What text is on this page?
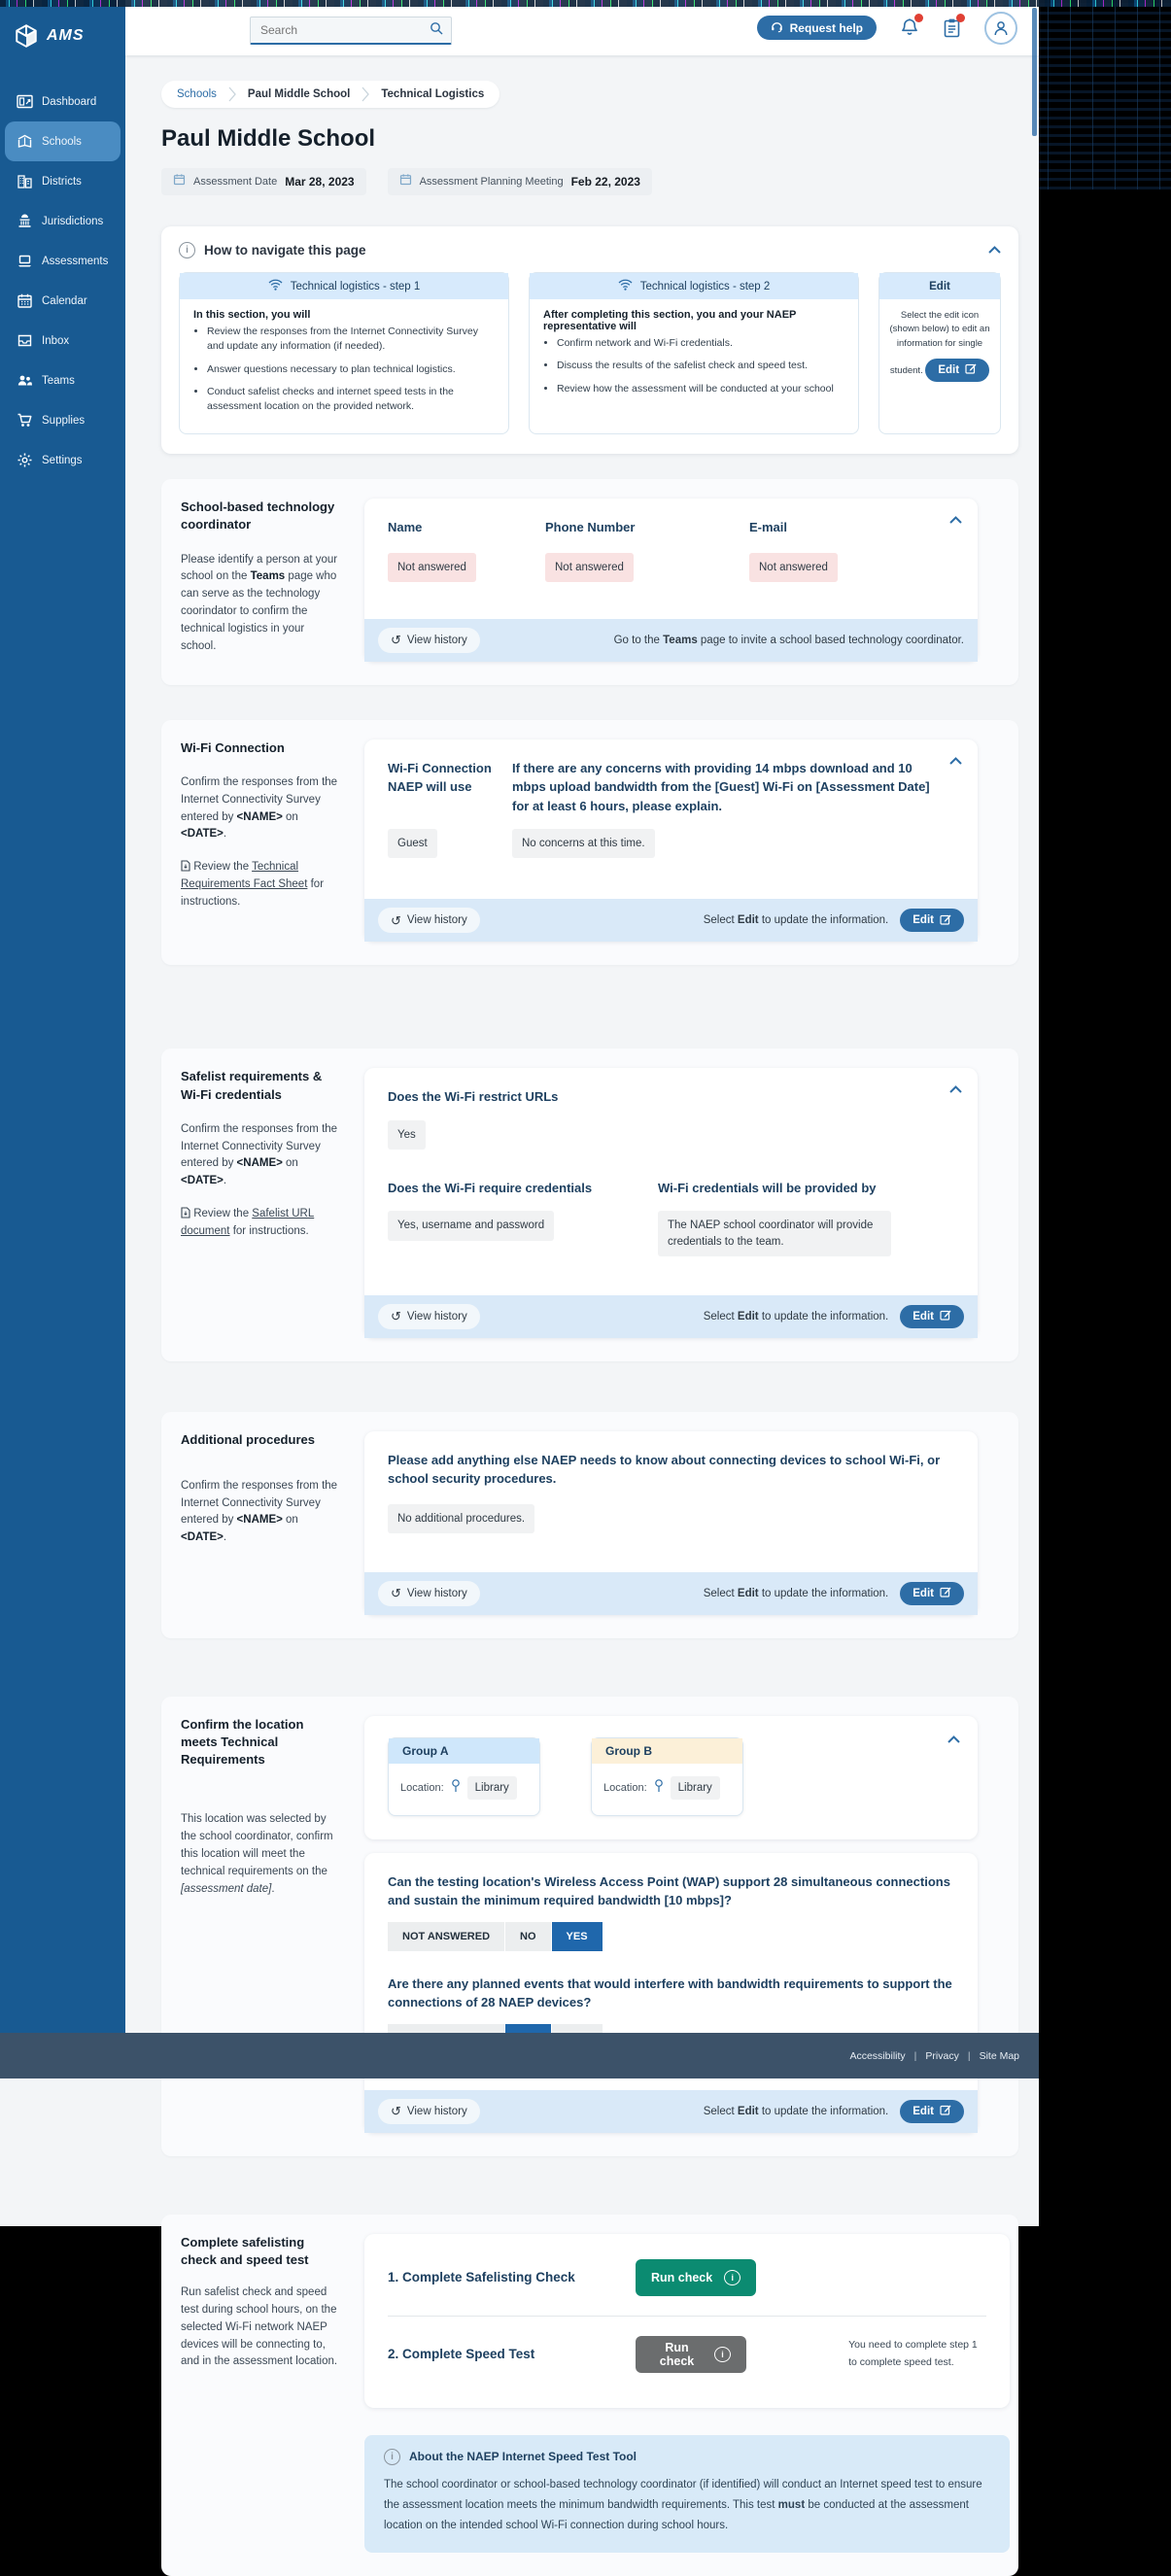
AMS
Dashboard
Schools
Districts
Jurisdictions
Assessments
Calendar
Inbox
Teams
Supplies
Settings
Search
Request help
Schools	Paul Middle School	Technical Logistics
Paul Middle School
Assessment Date Mar 28, 2023	Assessment Planning Meeting Feb 22, 2023
i	How to navigate this page
Technical logistics - step 1
In this section, you will
• Review the responses from the Internet Connectivity Survey and update any information (if needed).
• Answer questions necessary to plan technical logistics.
• Conduct safelist checks and internet speed tests in the assessment location on the provided network.
Technical logistics - step 2
After completing this section, you and your NAEP representative will
• Confirm network and Wi-Fi credentials.
• Discuss the results of the safelist check and speed test.
• Review how the assessment will be conducted at your school
Edit
Select the edit icon (shown below) to edit an information for single student. Edit
School-based technology coordinator

Please identify a person at your school on the Teams page who can serve as the technology coorindator to confirm the technical logistics in your school.

Name	Phone Number	E-mail
Not answered	Not answered	Not answered
↺ View history	Go to the Teams page to invite a school based technology coordinator.
Wi-Fi Connection

Confirm the responses from the Internet Connectivity Survey entered by <NAME> on <DATE>.

Review the Technical Requirements Fact Sheet for instructions.
Wi-Fi Connection NAEP will use
If there are any concerns with providing 14 mbps download and 10 mbps upload bandwidth from the [Guest] Wi-Fi on [Assessment Date] for at least 6 hours, please explain.
Guest	No concerns at this time.
↺ View history	Select Edit to update the information. Edit
Safelist requirements & Wi-Fi credentials

Confirm the responses from the Internet Connectivity Survey entered by <NAME> on <DATE>.

Review the Safelist URL document for instructions.
Does the Wi-Fi restrict URLs
Yes
Does the Wi-Fi require credentials	Wi-Fi credentials will be provided by
Yes, username and password	The NAEP school coordinator will provide credentials to the team.
↺ View history	Select Edit to update the information. Edit
Additional procedures

Confirm the responses from the Internet Connectivity Survey entered by <NAME> on <DATE>.

Please add anything else NAEP needs to know about connecting devices to school Wi-Fi, or school security procedures.
No additional procedures.
↺ View history	Select Edit to update the information. Edit
Confirm the location meets Technical Requirements

This location was selected by the school coordinator, confirm this location will meet the technical requirements on the [assessment date].

Group A
Location:	Library
Group B
Location:	Library
Can the testing location's Wireless Access Point (WAP) support 28 simultaneous connections and sustain the minimum required bandwidth [10 mbps]?
NOT ANSWERED	NO	YES
Are there any planned events that would interfere with bandwidth requirements to support the connections of 28 NAEP devices?
↺ View history	Select Edit to update the information. Edit
Complete safelisting check and speed test

Run safelist check and speed test during school hours, on the selected Wi-Fi network NAEP devices will be connecting to, and in the assessment location.

1. Complete Safelisting Check	Run check	i
2. Complete Speed Test	Run check	i
You need to complete step 1 to complete speed test.
i	About the NAEP Internet Speed Test Tool
The school coordinator or school-based technology coordinator (if identified) will conduct an Internet speed test to ensure the assessment location meets the minimum bandwidth requirements. This test must be conducted at the assessment location on the intended school Wi-Fi connection during school hours.
Accessibility | Privacy | Site Map
